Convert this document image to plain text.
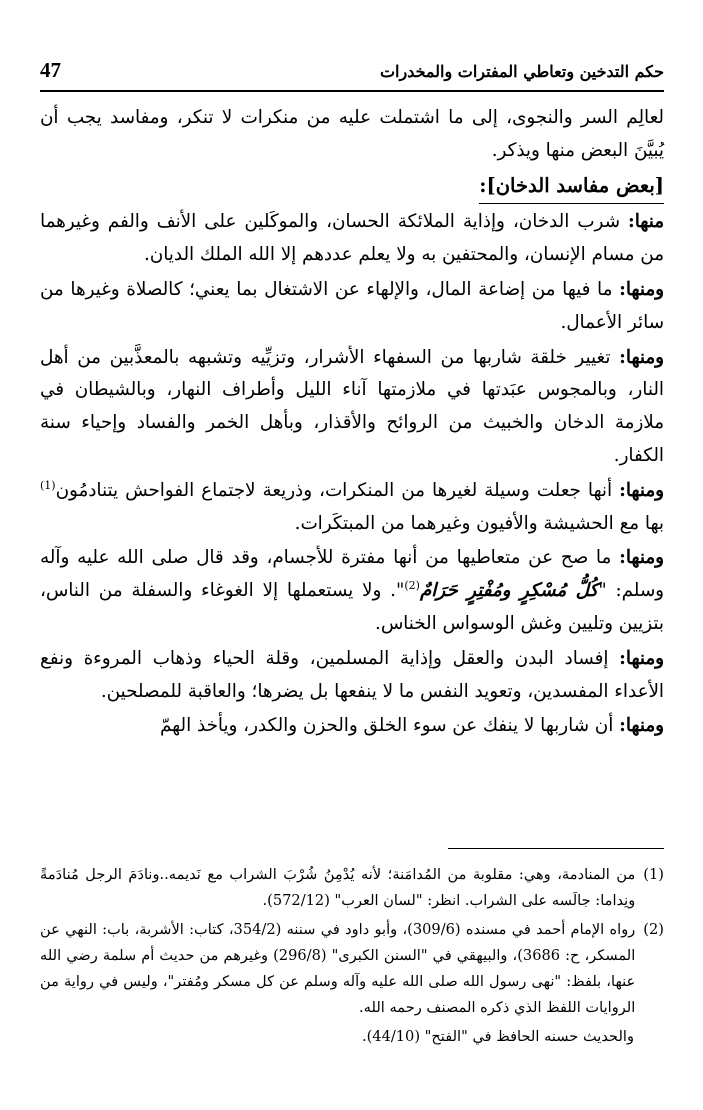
47	حكم التدخين وتعاطي المفترات والمخدرات

لعالِم السر والنجوى، إلى ما اشتملت عليه من منكرات لا تنكر، ومفاسد يجب أن يُبيَّنَ البعض منها ويذكر.

[بعض مفاسد الدخان]:

منها: شرب الدخان، وإذاية الملائكة الحسان، والموكَلين على الأنف والفم وغيرهما من مسام الإنسان، والمحتفين به ولا يعلم عددهم إلا الله الملك الديان.

ومنها: ما فيها من إضاعة المال، والإلهاء عن الاشتغال بما يعني؛ كالصلاة وغيرها من سائر الأعمال.

ومنها: تغيير خلقة شاربها من السفهاء الأشرار، وتزيِّيه وتشبهه بالمعذَّبين من أهل النار، وبالمجوس عبَدتها في ملازمتها آناء الليل وأطراف النهار، وبالشيطان في ملازمة الدخان والخبيث من الروائح والأقذار، وبأهل الخمر والفساد وإحياء سنة الكفار.

ومنها: أنها جعلت وسيلة لغيرها من المنكرات، وذريعة لاجتماع الفواحش يتنادمُون$^{(1)}$ بها مع الحشيشة والأفيون وغيرهما من المبتكَرات.

ومنها: ما صح عن متعاطيها من أنها مفترة للأجسام، وقد قال صلى الله عليه وآله وسلم: "كُلُّ مُسْكِرٍ ومُفْتِرٍ حَرَامٌ$^{(2)}$". ولا يستعملها إلا الغوغاء والسفلة من الناس، بتزيين وتليين وغش الوسواس الخناس.

ومنها: إفساد البدن والعقل وإذاية المسلمين، وقلة الحياء وذهاب المروءة ونفع الأعداء المفسدين، وتعويد النفس ما لا ينفعها بل يضرها؛ والعاقبة للمصلحين.

ومنها: أن شاربها لا ينفك عن سوء الخلق والحزن والكدر، ويأخذ الهمّ

(1)
من المنادمة، وهي: مقلوبة من المُدامَنة؛ لأنه يُدْمِنُ شُرْبَ الشراب مع نَديمه..ونادَمَ الرجل مُنادَمةً ونِداما: جالَسه على الشراب. انظر: "لسان العرب" (572/12).
(2)
رواه الإمام أحمد في مسنده (309/6)، وأبو داود في سننه (354/2، كتاب: الأشربة، باب: النهي عن المسكر، ح: 3686)، والبيهقي في "السنن الكبرى" (296/8) وغيرهم من حديث أم سلمة رضي الله عنها، بلفظ: "نهى رسول الله صلى الله عليه وآله وسلم عن كل مسكر ومُفتر"، وليس في رواية من الروايات اللفظ الذي ذكره المصنف رحمه الله.
والحديث حسنه الحافظ في "الفتح" (44/10).
